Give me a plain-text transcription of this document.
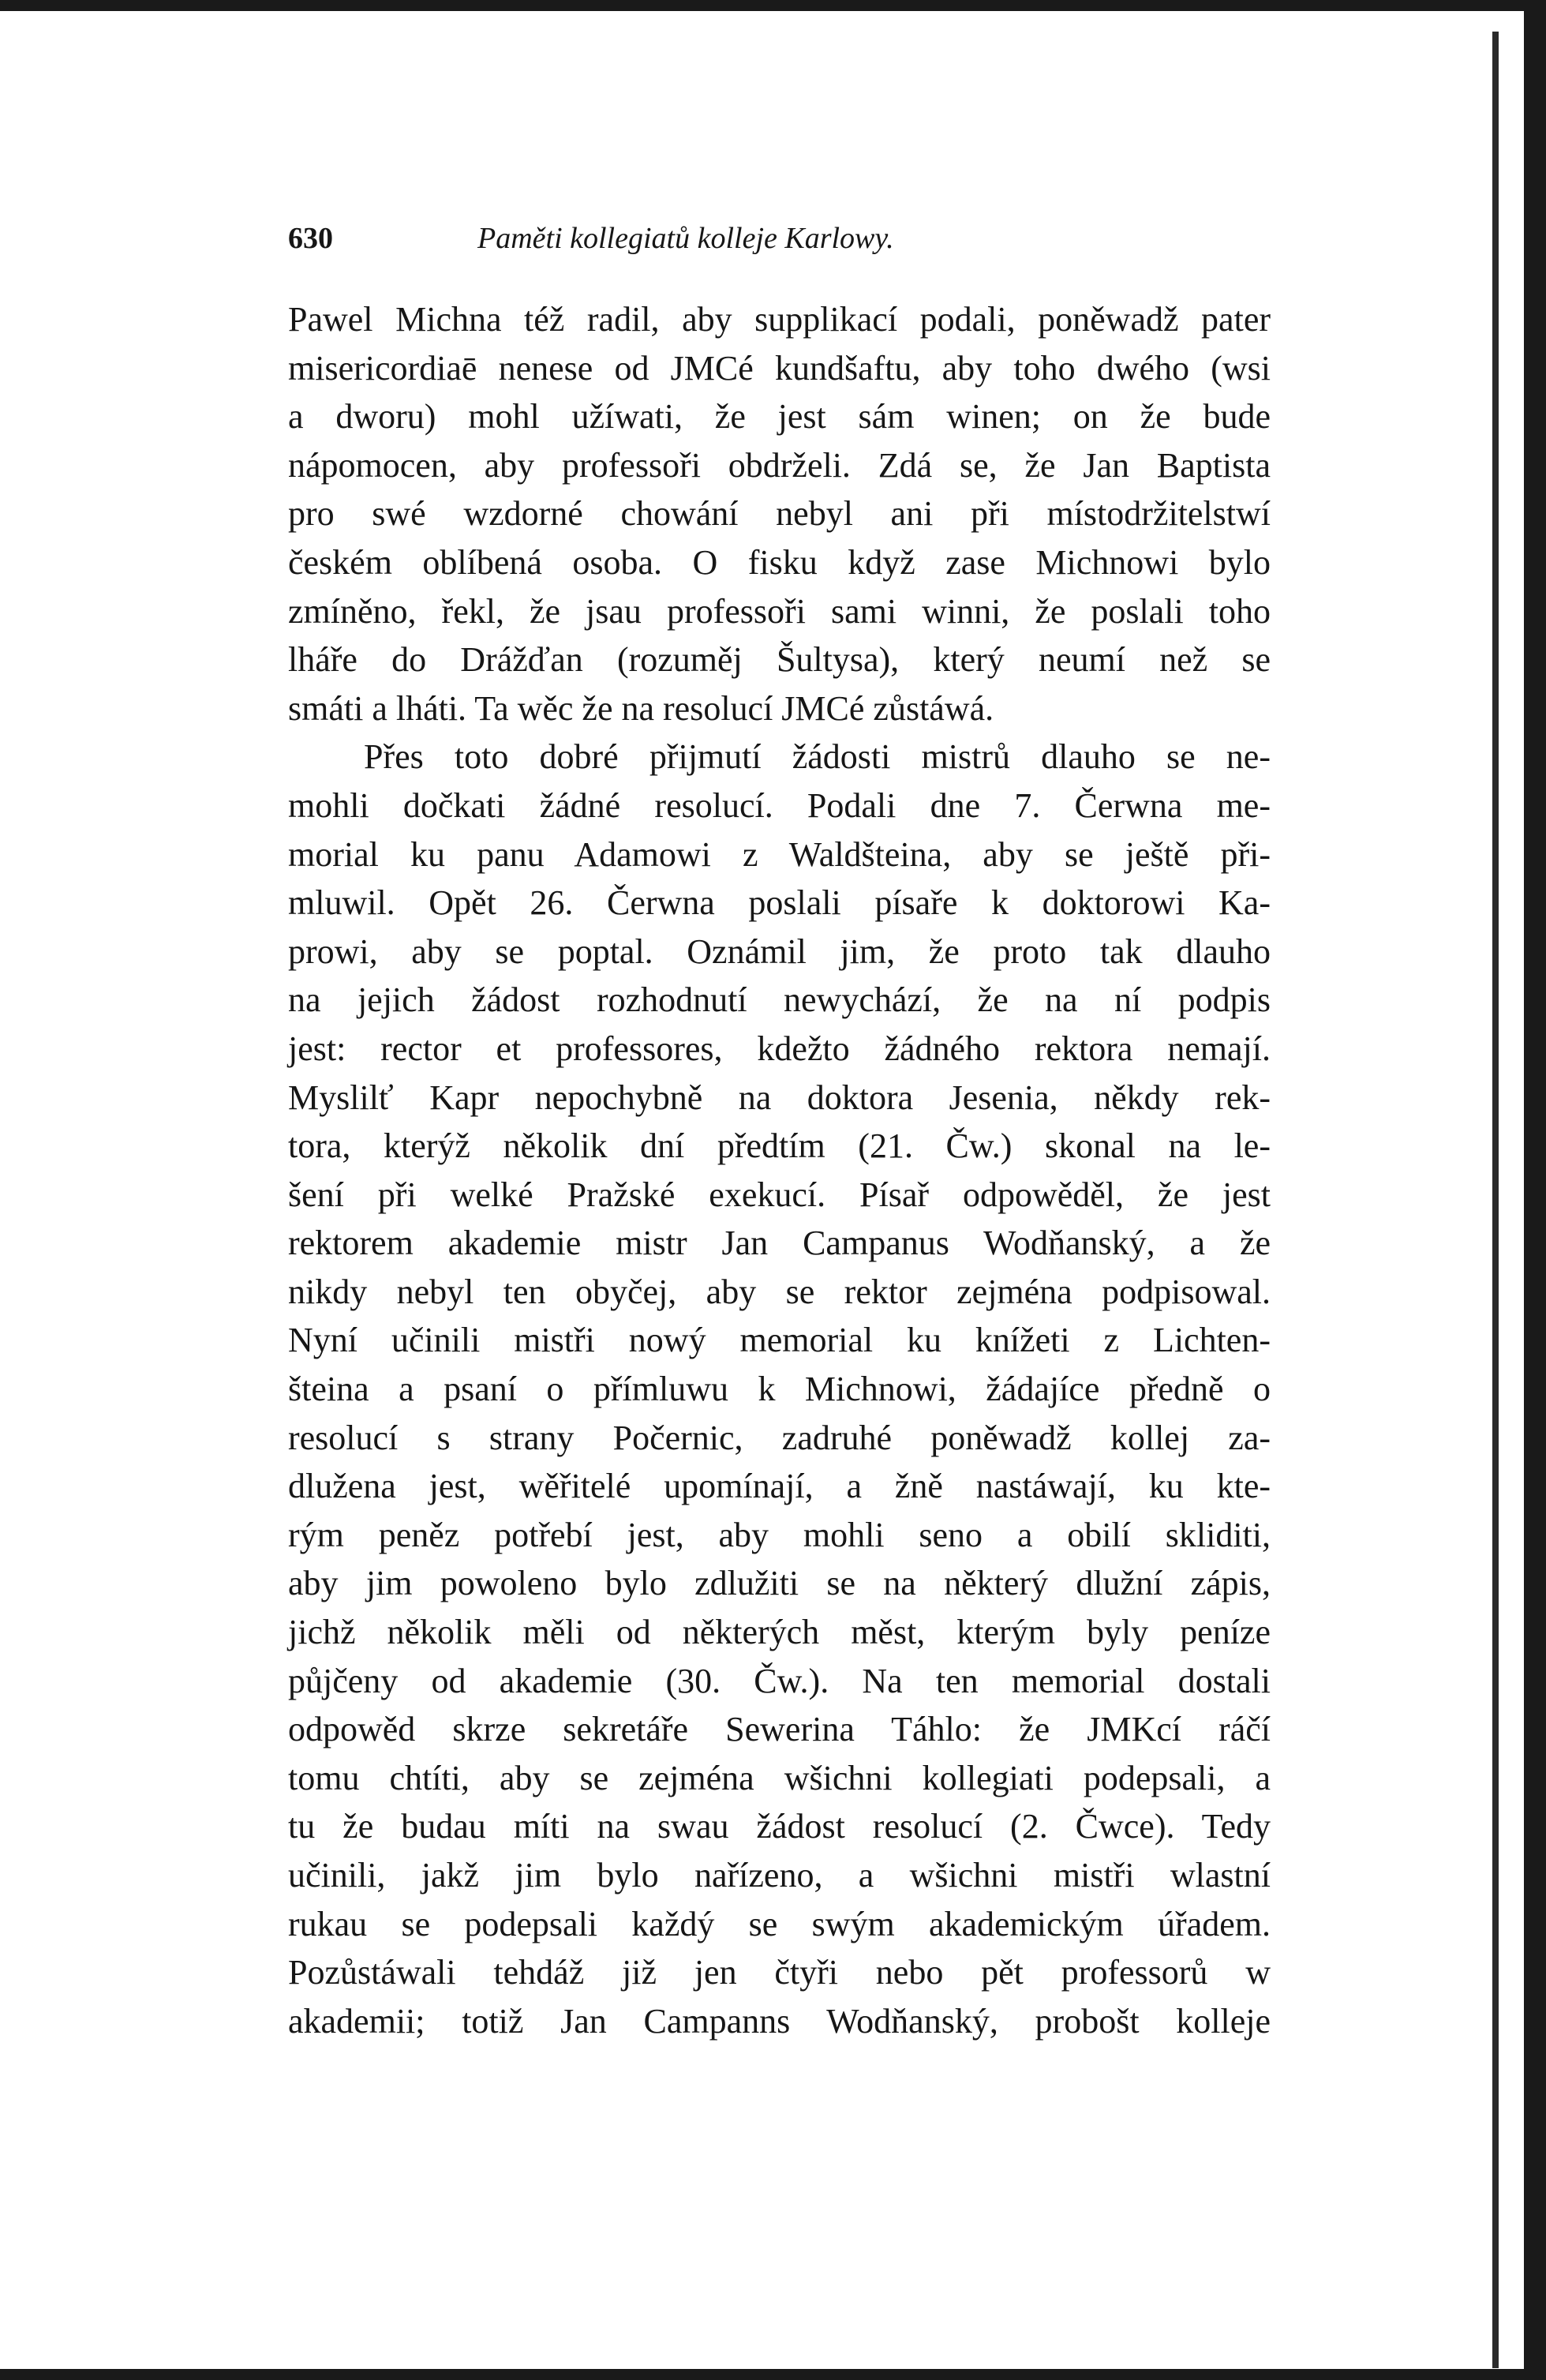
630	Paměti kollegiatů kolleje Karlowy.
Pawel Michna též radil, aby supplikací podali, poněwadž pater
misericordiaē nenese od JMCé kundšaftu, aby toho dwého (wsi
a dworu) mohl užíwati, že jest sám winen; on že bude
nápomocen, aby professoři obdrželi. Zdá se, že Jan Baptista
pro swé wzdorné chowání nebyl ani při místodržitelstwí
českém oblíbená osoba. O fisku když zase Michnowi bylo
zmíněno, řekl, že jsau professoři sami winni, že poslali toho
lháře do Drážďan (rozuměj Šultysa), který neumí než se
smáti a lháti. Ta wěc že na resolucí JMCé zůstáwá.
Přes toto dobré přijmutí žádosti mistrů dlauho se ne-
mohli dočkati žádné resolucí. Podali dne 7. Čerwna me-
morial ku panu Adamowi z Waldšteina, aby se ještě při-
mluwil. Opět 26. Čerwna poslali písaře k doktorowi Ka-
prowi, aby se poptal. Oznámil jim, že proto tak dlauho
na jejich žádost rozhodnutí newychází, že na ní podpis
jest: rector et professores, kdežto žádného rektora nemají.
Myslilť Kapr nepochybně na doktora Jesenia, někdy rek-
tora, kterýž několik dní předtím (21. Čw.) skonal na le-
šení při welké Pražské exekucí. Písař odpowěděl, že jest
rektorem akademie mistr Jan Campanus Wodňanský, a že
nikdy nebyl ten obyčej, aby se rektor zejména podpisowal.
Nyní učinili mistři nowý memorial ku knížeti z Lichten-
šteina a psaní o přímluwu k Michnowi, žádajíce předně o
resolucí s strany Počernic, zadruhé poněwadž kollej za-
dlužena jest, wěřitelé upomínají, a žně nastáwají, ku kte-
rým peněz potřebí jest, aby mohli seno a obilí skliditi,
aby jim powoleno bylo zdlužiti se na některý dlužní zápis,
jichž několik měli od některých měst, kterým byly peníze
půjčeny od akademie (30. Čw.). Na ten memorial dostali
odpowěd skrze sekretáře Sewerina Táhlo: že JMKcí ráčí
tomu chtíti, aby se zejména wšichni kollegiati podepsali, a
tu že budau míti na swau žádost resolucí (2. Čwce). Tedy
učinili, jakž jim bylo nařízeno, a wšichni mistři wlastní
rukau se podepsali každý se swým akademickým úřadem.
Pozůstáwali tehdáž již jen čtyři nebo pět professorů w
akademii; totiž Jan Campanns Wodňanský, probošt kolleje
